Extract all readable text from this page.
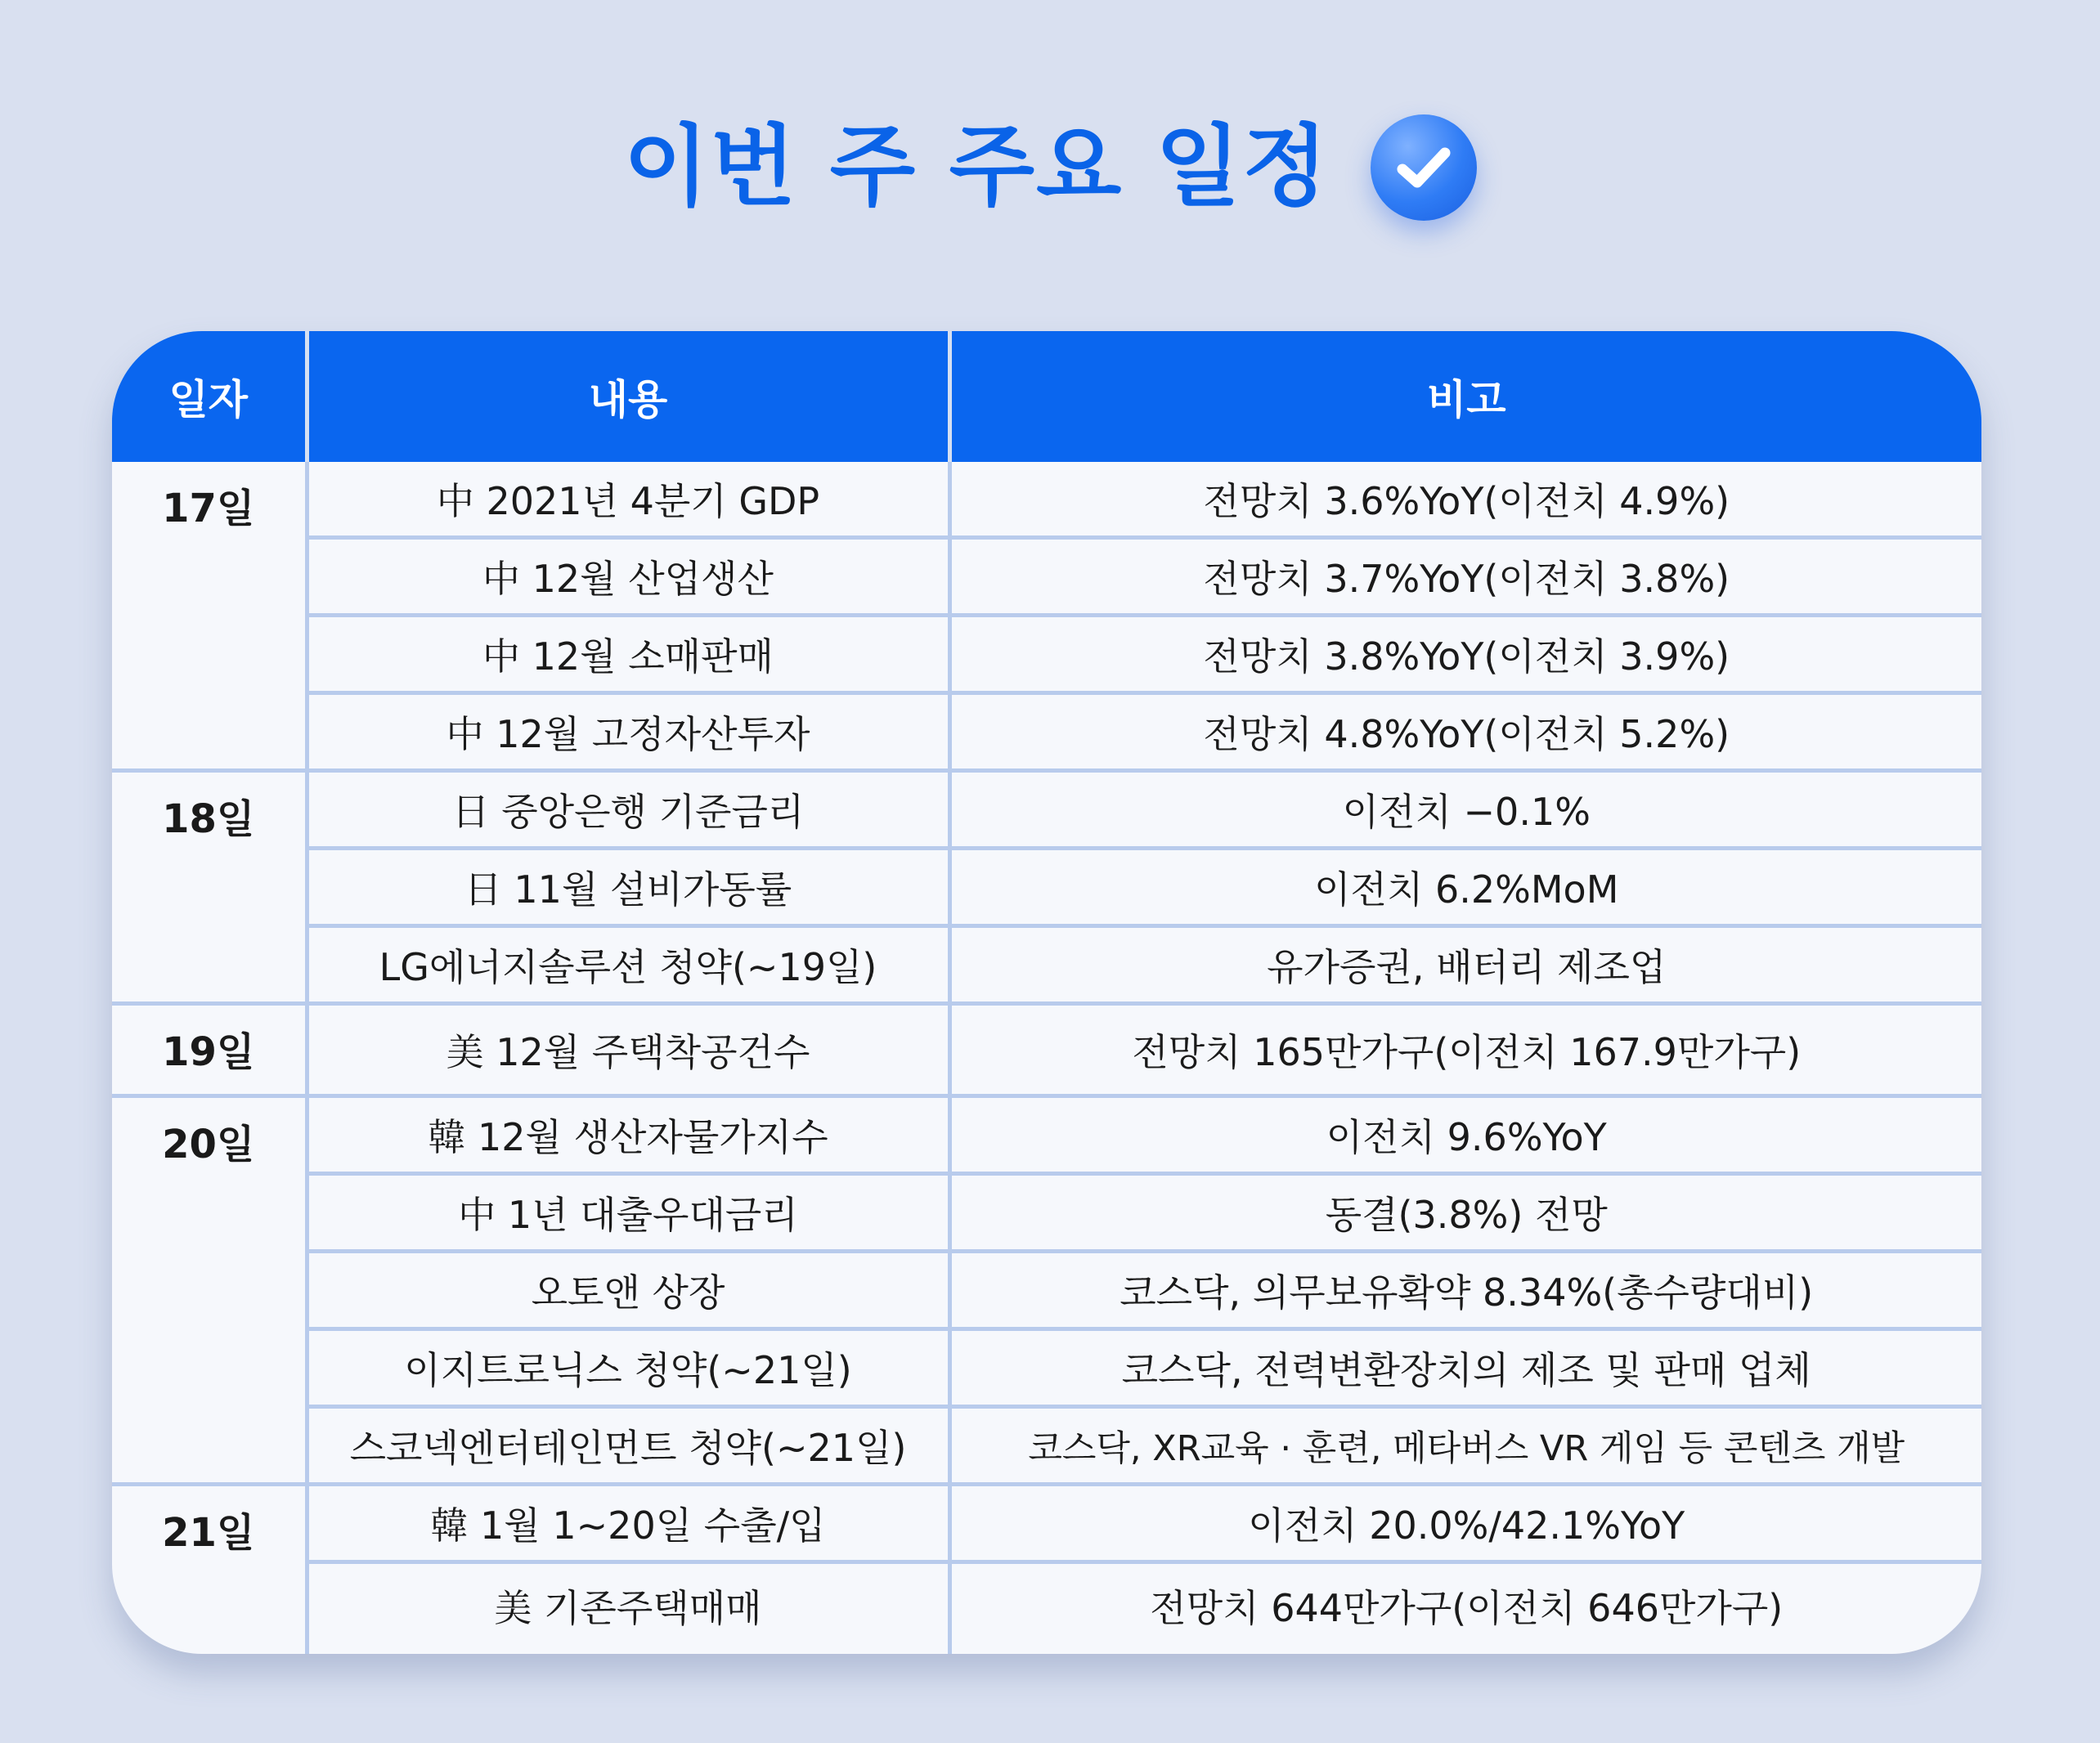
이번 주 주요 일정
일자	내용	비고
17일	中 2021년 4분기 GDP	전망치 3.6%YoY(이전치 4.9%)
	中 12월 산업생산	전망치 3.7%YoY(이전치 3.8%)
	中 12월 소매판매	전망치 3.8%YoY(이전치 3.9%)
	中 12월 고정자산투자	전망치 4.8%YoY(이전치 5.2%)
18일	日 중앙은행 기준금리	이전치 −0.1%
	日 11월 설비가동률	이전치 6.2%MoM
	LG에너지솔루션 청약(~19일)	유가증권, 배터리 제조업
19일	美 12월 주택착공건수	전망치 165만가구(이전치 167.9만가구)
20일	韓 12월 생산자물가지수	이전치 9.6%YoY
	中 1년 대출우대금리	동결(3.8%) 전망
	오토앤 상장	코스닥, 의무보유확약 8.34%(총수량대비)
	이지트로닉스 청약(~21일)	코스닥, 전력변환장치의 제조 및 판매 업체
	스코넥엔터테인먼트 청약(~21일)	코스닥, XR교육 · 훈련, 메타버스 VR 게임 등 콘텐츠 개발
21일	韓 1월 1~20일 수출/입	이전치 20.0%/42.1%YoY
	美 기존주택매매	전망치 644만가구(이전치 646만가구)
